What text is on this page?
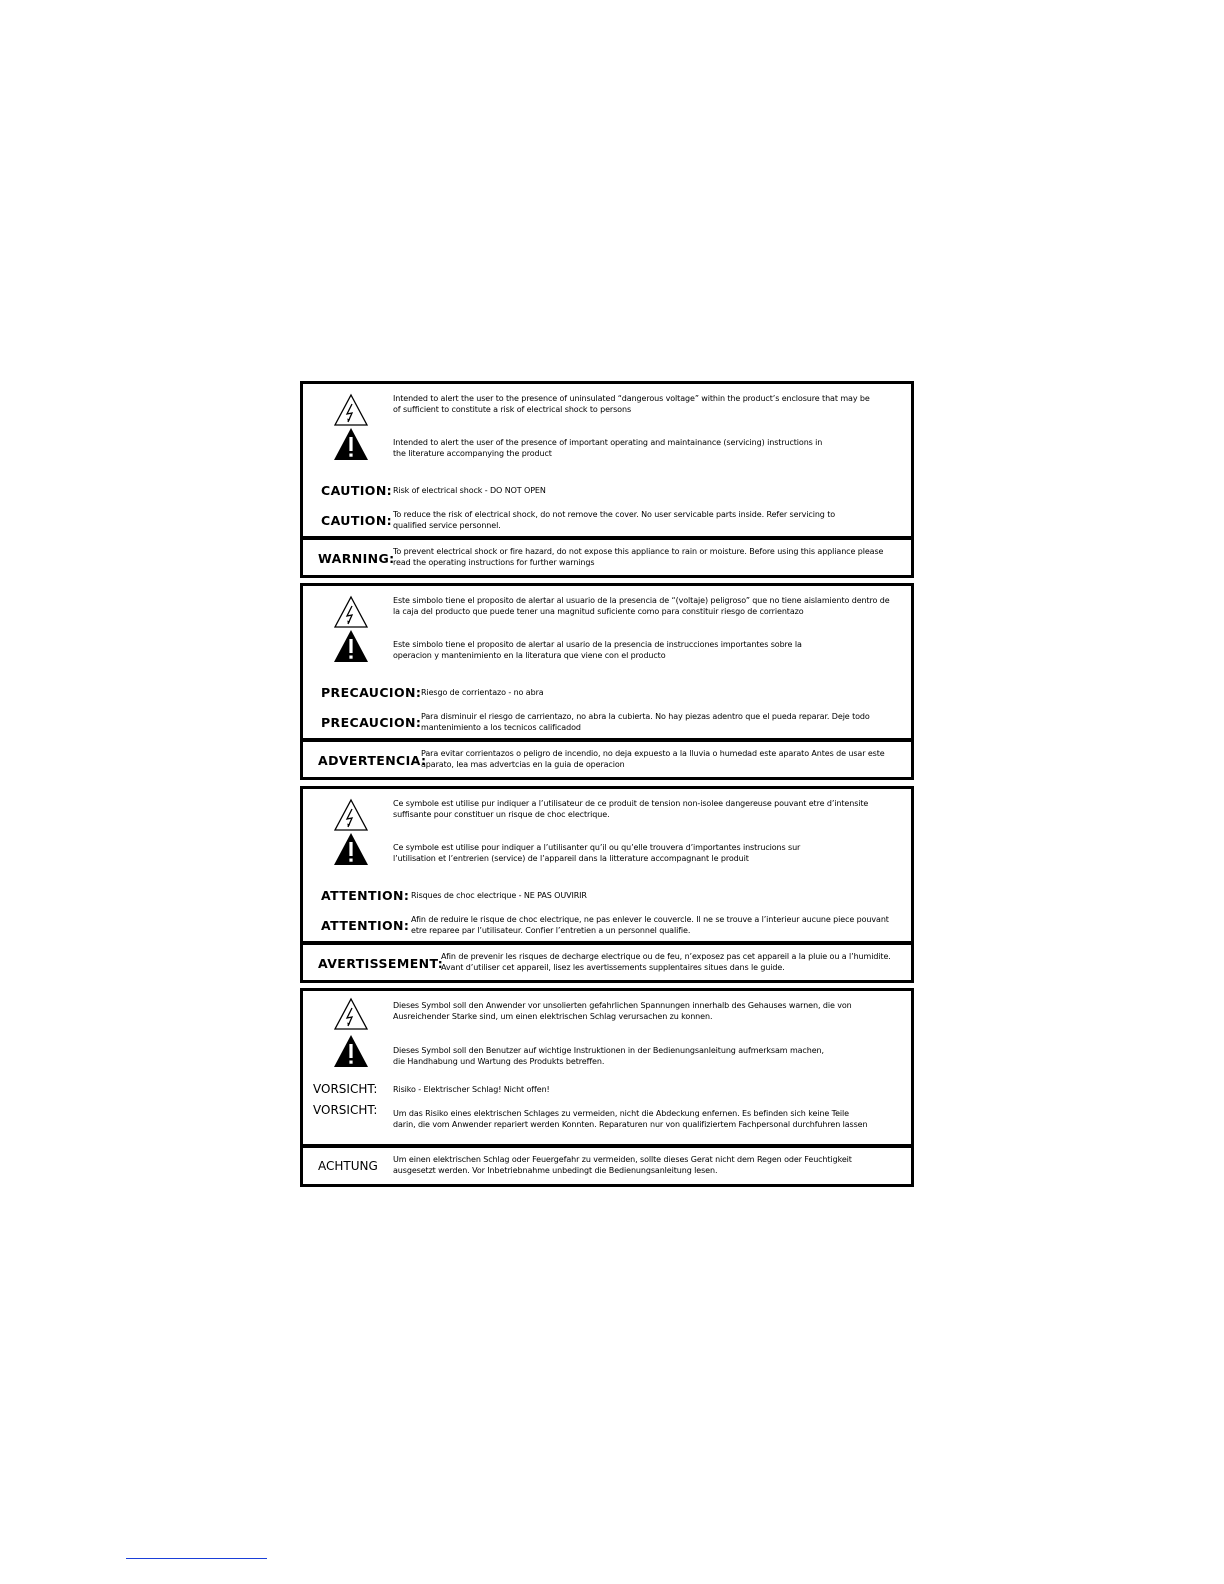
Intended to alert the user to the presence of uninsulated “dangerous voltage” within the product’s enclosure that may be of sufficient to constitute a risk of electrical shock to persons
Intended to alert the user of the presence of important operating and maintainance (servicing) instructions in the literature accompanying the product
CAUTION: Risk of electrical shock - DO NOT OPEN
CAUTION: To reduce the risk of electrical shock, do not remove the cover. No user servicable parts inside. Refer servicing to qualified service personnel.
WARNING:
To prevent electrical shock or fire hazard, do not expose this appliance to rain or moisture. Before using this appliance please read the operating instructions for further warnings
Este simbolo tiene el proposito de alertar al usuario de la presencia de “(voltaje) peligroso” que no tiene aislamiento dentro de la caja del producto que puede tener una magnitud suficiente como para constituir riesgo de corrientazo
Este simbolo tiene el proposito de alertar al usario de la presencia de instrucciones importantes sobre la operacion y mantenimiento en la literatura que viene con el producto
PRECAUCION: Riesgo de corrientazo - no abra
PRECAUCION: Para disminuir el riesgo de carrientazo, no abra la cubierta. No hay piezas adentro que el pueda reparar. Deje todo mantenimiento a los tecnicos calificadod
ADVERTENCIA:
Para evitar corrientazos o peligro de incendio, no deja expuesto a la lluvia o humedad este aparato Antes de usar este aparato, lea mas advertcias en la guia de operacion
Ce symbole est utilise pur indiquer a l’utilisateur de ce produit de tension non-isolee dangereuse pouvant etre d’intensite suffisante pour constituer un risque de choc electrique.
Ce symbole est utilise pour indiquer a l’utilisanter qu’il ou qu’elle trouvera d’importantes instrucions sur l’utilisation et l’entrerien (service) de l’appareil dans la litterature accompagnant le produit
ATTENTION: Risques de choc electrique - NE PAS OUVIRIR
ATTENTION: Afin de reduire le risque de choc electrique, ne pas enlever le couvercle. Il ne se trouve a l’interieur aucune piece pouvant etre reparee par l’utilisateur. Confier l’entretien a un personnel qualifie.
AVERTISSEMENT:
Afin de prevenir les risques de decharge electrique ou de feu, n’exposez pas cet appareil a la pluie ou a l’humidite. Avant d’utiliser cet appareil, lisez les avertissements supplentaires situes dans le guide.
Dieses Symbol soll den Anwender vor unsolierten gefahrlichen Spannungen innerhalb des Gehauses warnen, die von Ausreichender Starke sind, um einen elektrischen Schlag verursachen zu konnen.
Dieses Symbol soll den Benutzer auf wichtige Instruktionen in der Bedienungsanleitung aufmerksam machen, die Handhabung und Wartung des Produkts betreffen.
VORSICHT: Risiko - Elektrischer Schlag! Nicht offen!
VORSICHT: Um das Risiko eines elektrischen Schlages zu vermeiden, nicht die Abdeckung enfernen. Es befinden sich keine Teile darin, die vom Anwender repariert werden Konnten. Reparaturen nur von qualifiziertem Fachpersonal durchfuhren lassen
ACHTUNG Um einen elektrischen Schlag oder Feuergefahr zu vermeiden, sollte dieses Gerat nicht dem Regen oder Feuchtigkeit ausgesetzt werden. Vor Inbetriebnahme unbedingt die Bedienungsanleitung lesen.
